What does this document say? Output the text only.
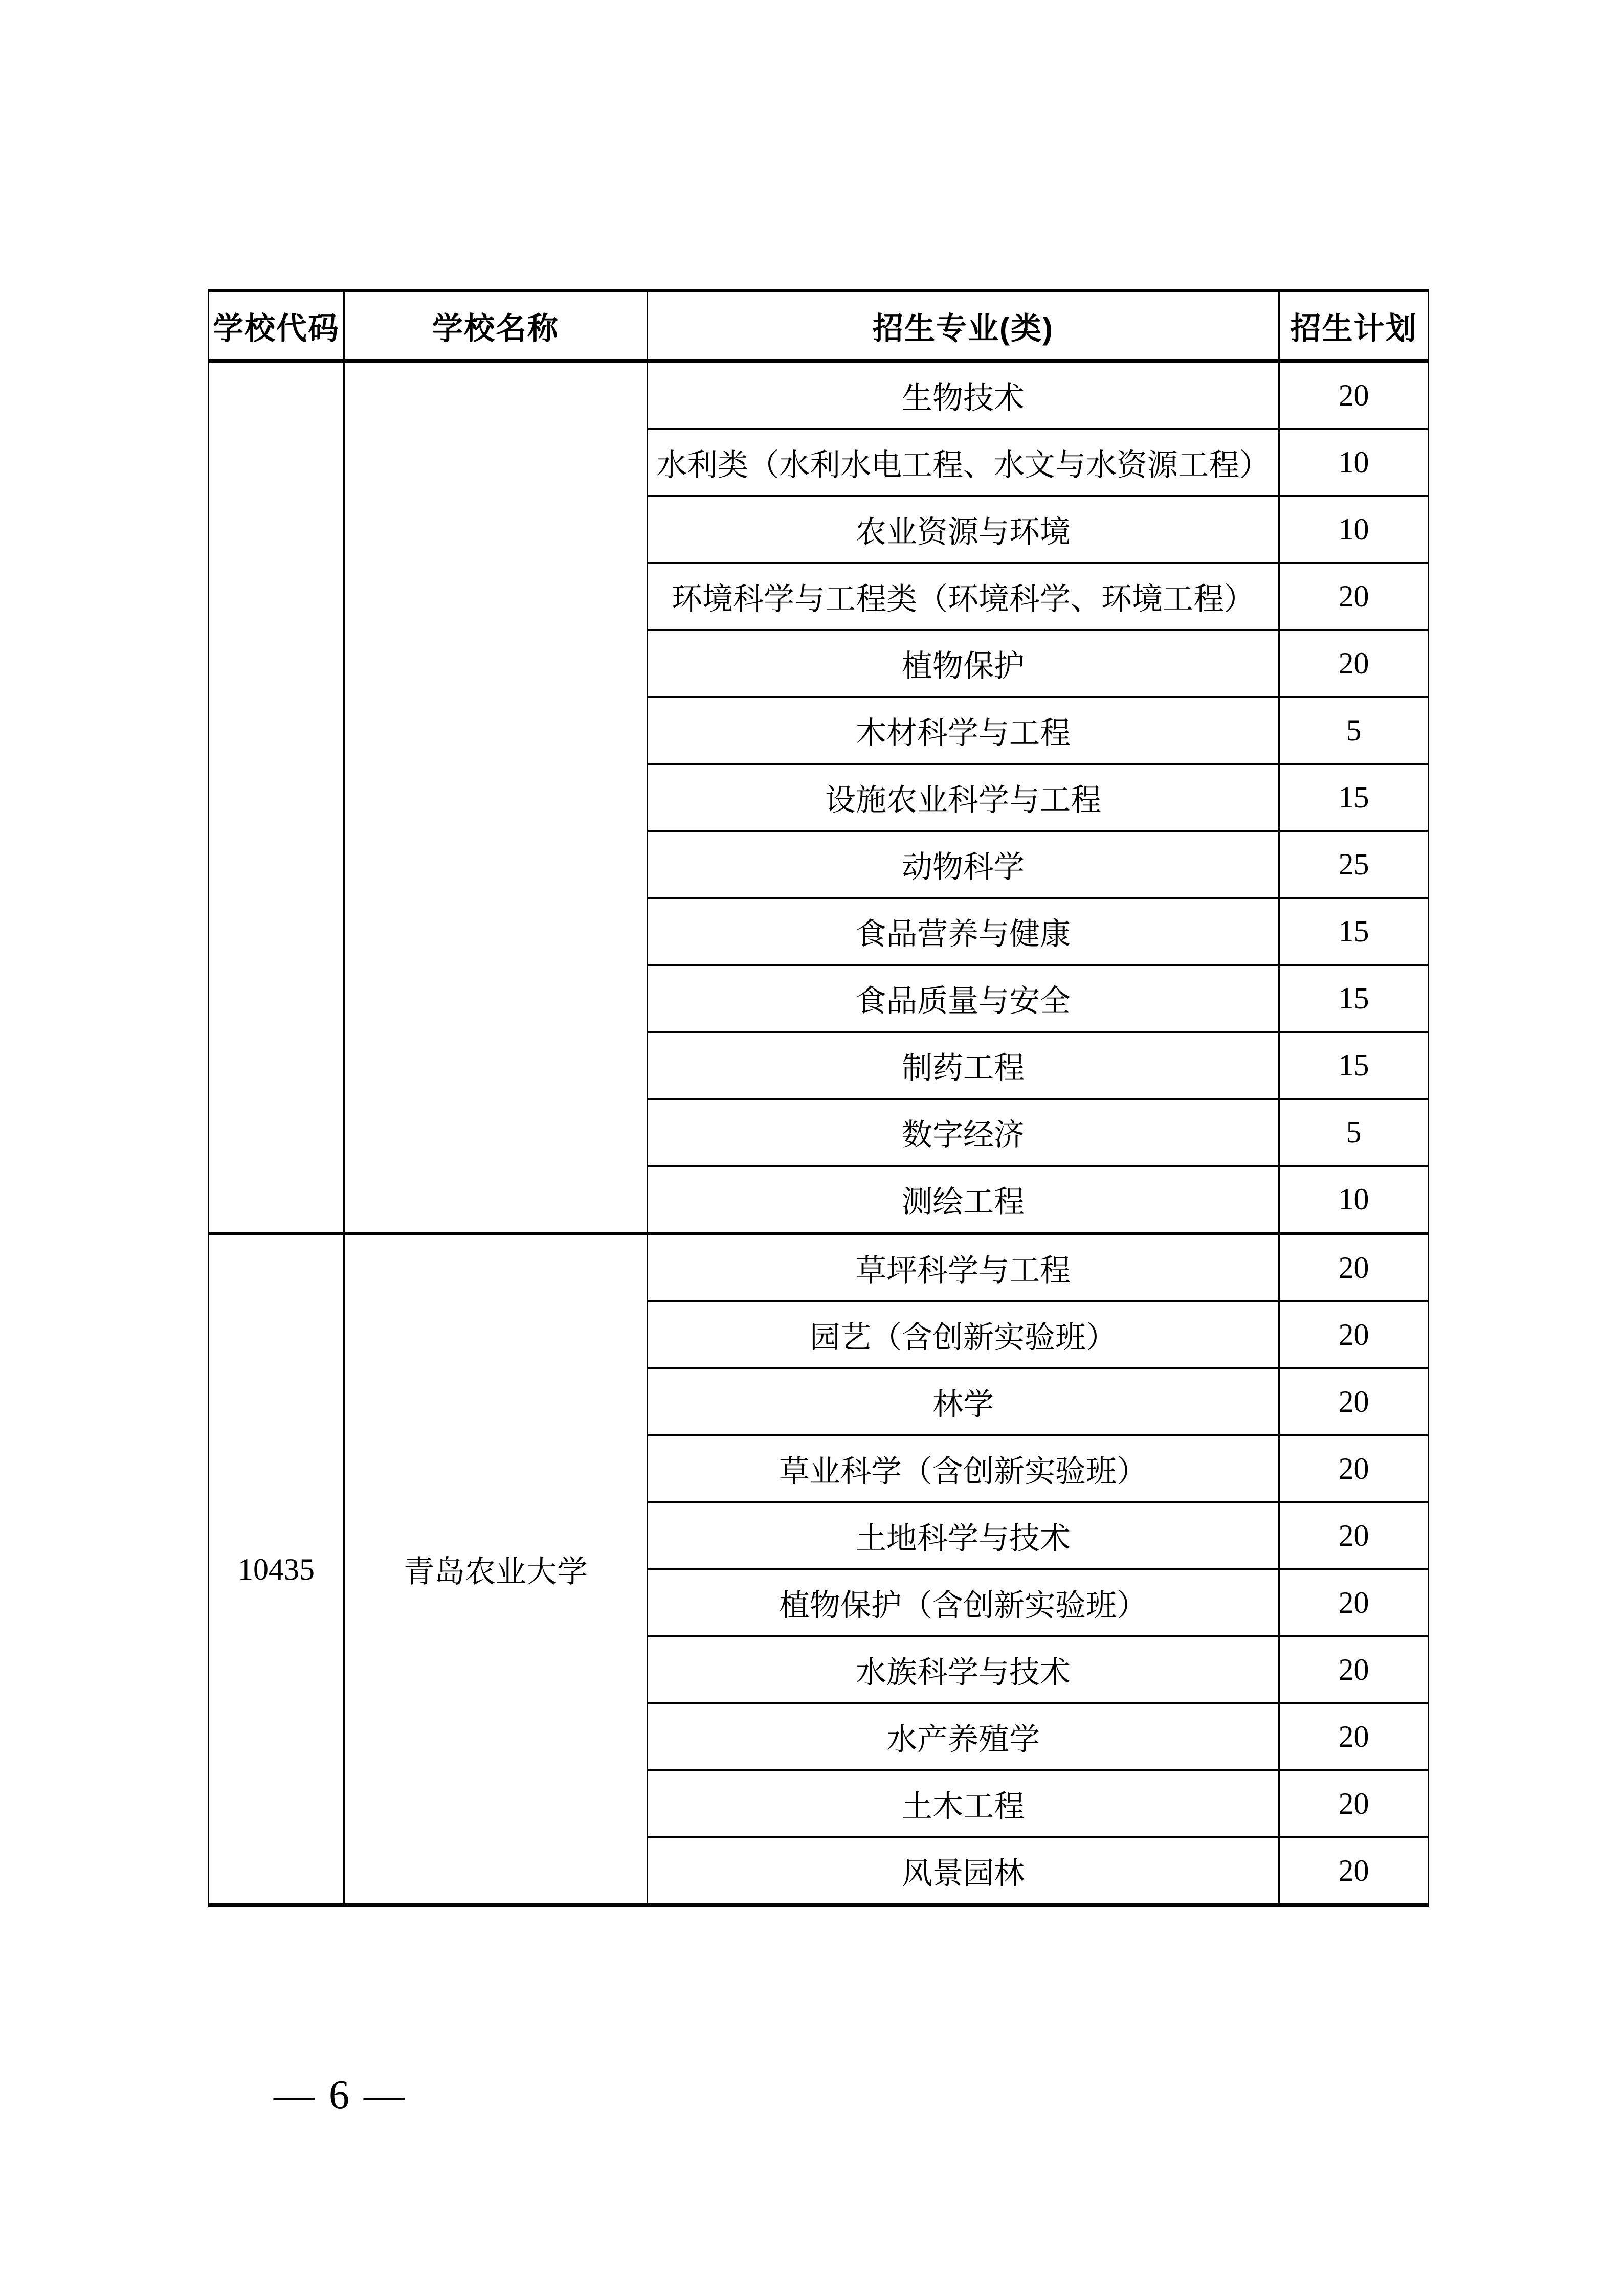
学校代码	学校名称	招生专业(类)	招生计划
		生物技术	20
		水利类（水利水电工程、水文与水资源工程）	10
		农业资源与环境	10
		环境科学与工程类（环境科学、环境工程）	20
		植物保护	20
		木材科学与工程	5
		设施农业科学与工程	15
		动物科学	25
		食品营养与健康	15
		食品质量与安全	15
		制药工程	15
		数字经济	5
		测绘工程	10
10435	青岛农业大学	草坪科学与工程	20
		园艺（含创新实验班）	20
		林学	20
		草业科学（含创新实验班）	20
		土地科学与技术	20
		植物保护（含创新实验班）	20
		水族科学与技术	20
		水产养殖学	20
		土木工程	20
		风景园林	20
— 6 —
